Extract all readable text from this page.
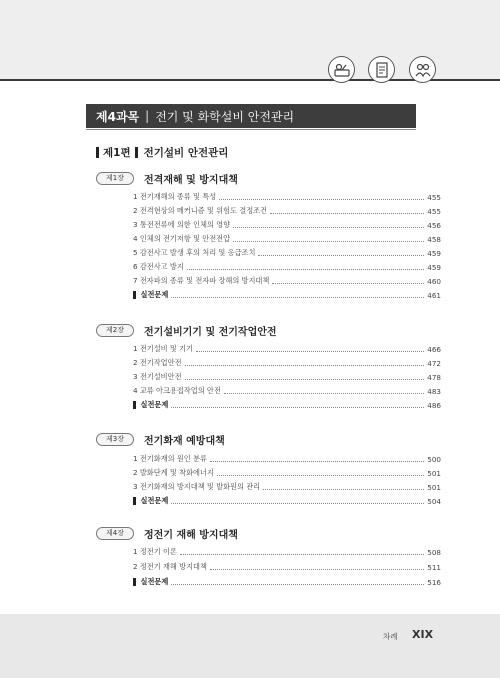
제4과목 | 전기 및 화학설비 안전관리
제1편 전기설비 안전관리
제1장	전격재해 및 방지대책
1 전기재해의 종류 및 특성	455
2 전격현상의 메커니즘 및 위험도 결정조건	455
3 통전전류에 의한 인체의 영향	456
4 인체의 전기저항 및 안전전압	458
5 감전사고 발생 후의 처리 및 응급조치	459
6 감전사고 방지	459
7 전자파의 종류 및 전자파 장해의 방지대책	460
실전문제	461
제2장	전기설비기기 및 전기작업안전
1 전기설비 및 기기	466
2 전기작업안전	472
3 전기설비안전	478
4 교류 아크용접작업의 안전	483
실전문제	486
제3장	전기화재 예방대책
1 전기화재의 원인 분류	500
2 발화단계 및 착화에너지	501
3 전기화재의 방지대책 및 발화원의 관리	501
실전문제	504
제4장	정전기 재해 방지대책
1 정전기 이론	508
2 정전기 재해 방지대책	511
실전문제	516
차례 XIX
